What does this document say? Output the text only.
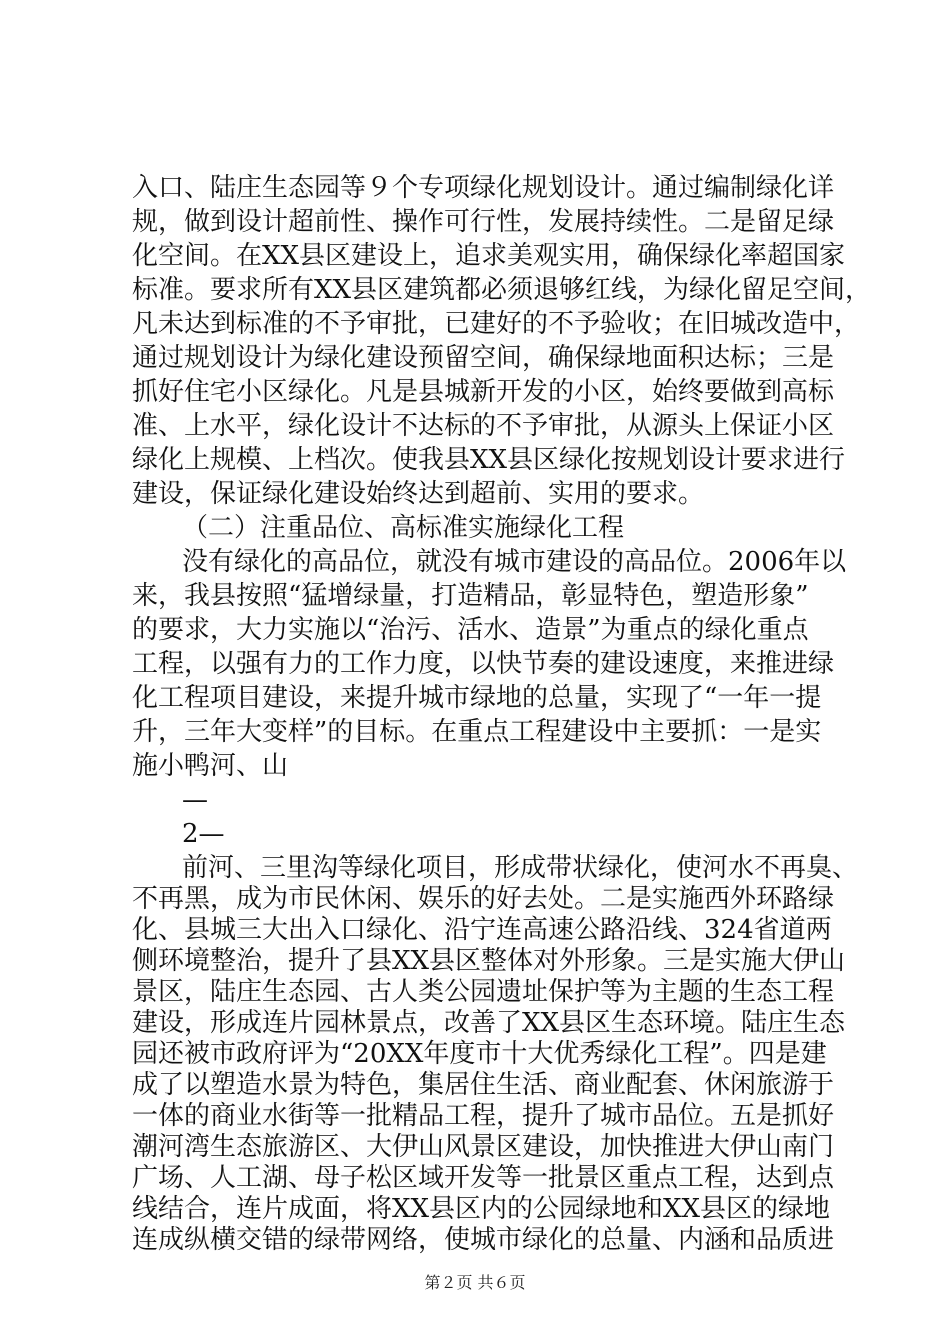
入口、陆庄生态园等９个专项绿化规划设计。通过编制绿化详
规，做到设计超前性、操作可行性，发展持续性。二是留足绿
化空间。在XX县区建设上，追求美观实用，确保绿化率超国家
标准。要求所有XX县区建筑都必须退够红线，为绿化留足空间，
凡未达到标准的不予审批，已建好的不予验收；在旧城改造中，
通过规划设计为绿化建设预留空间，确保绿地面积达标；三是
抓好住宅小区绿化。凡是县城新开发的小区，始终要做到高标
准、上水平，绿化设计不达标的不予审批，从源头上保证小区
绿化上规模、上档次。使我县XX县区绿化按规划设计要求进行
建设，保证绿化建设始终达到超前、实用的要求。
（二）注重品位、高标准实施绿化工程
没有绿化的高品位，就没有城市建设的高品位。2006年以
来，我县按照“猛增绿量，打造精品，彰显特色，塑造形象”
的要求，大力实施以“治污、活水、造景”为重点的绿化重点
工程，以强有力的工作力度，以快节奏的建设速度，来推进绿
化工程项目建设，来提升城市绿地的总量，实现了“一年一提
升，三年大变样”的目标。在重点工程建设中主要抓：一是实
施小鸭河、山
—
2—
前河、三里沟等绿化项目，形成带状绿化，使河水不再臭、
不再黑，成为市民休闲、娱乐的好去处。二是实施西外环路绿
化、县城三大出入口绿化、沿宁连高速公路沿线、324省道两
侧环境整治，提升了县XX县区整体对外形象。三是实施大伊山
景区，陆庄生态园、古人类公园遗址保护等为主题的生态工程
建设，形成连片园林景点，改善了XX县区生态环境。陆庄生态
园还被市政府评为“20XX年度市十大优秀绿化工程”。四是建
成了以塑造水景为特色，集居住生活、商业配套、休闲旅游于
一体的商业水街等一批精品工程，提升了城市品位。五是抓好
潮河湾生态旅游区、大伊山风景区建设，加快推进大伊山南门
广场、人工湖、母子松区域开发等一批景区重点工程，达到点
线结合，连片成面，将XX县区内的公园绿地和XX县区的绿地
第２页 共６页
连成纵横交错的绿带网络，使城市绿化的总量、内涵和品质进
